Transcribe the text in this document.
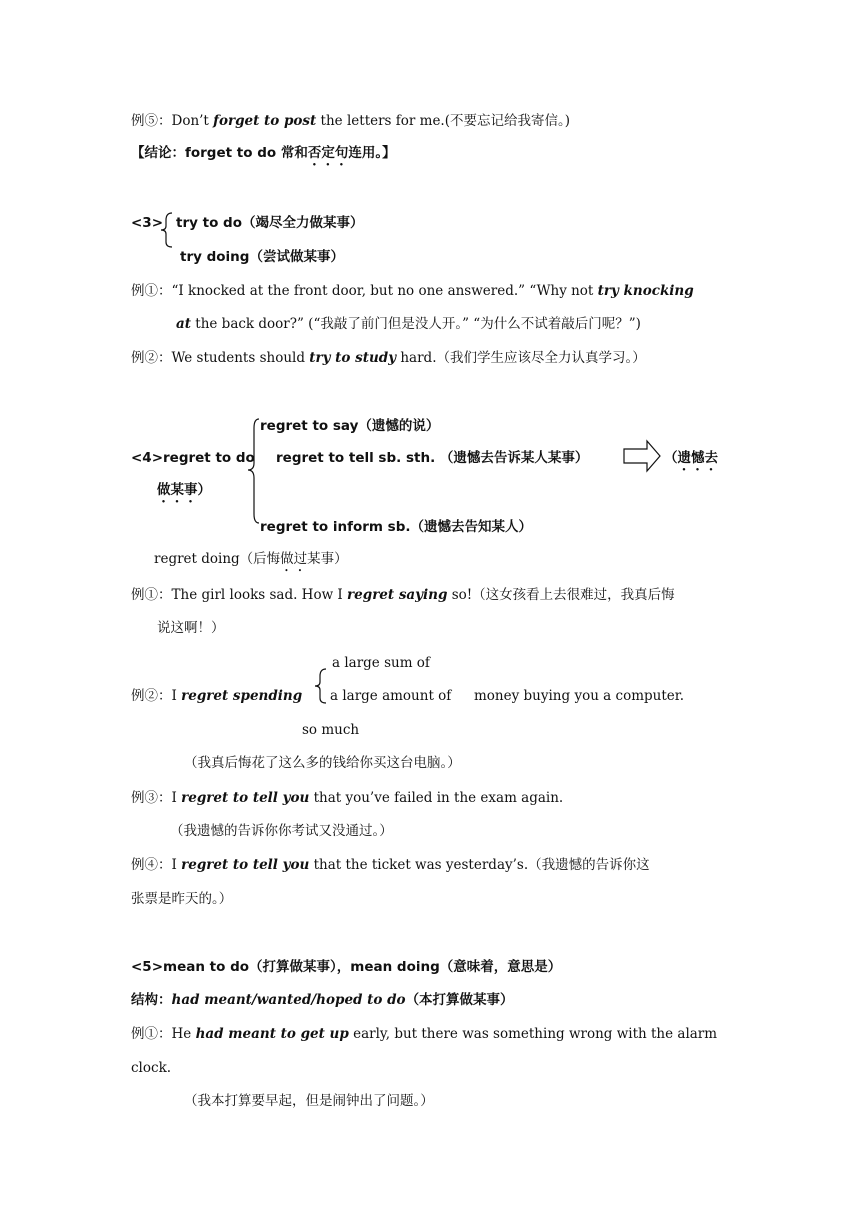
例⑤：Don’t forget to post the letters for me.(不要忘记给我寄信。)
【结论：forget to do 常和否定句连用。】
<3> try to do（竭尽全力做某事）
try doing（尝试做某事）
例①：“I knocked at the front door, but no one answered.” “Why not try knocking
at the back door?” (“我敲了前门但是没人开。” “为什么不试着敲后门呢？”)
例②：We students should try to study hard.（我们学生应该尽全力认真学习。）
regret to say（遗憾的说）
<4>regret to do regret to tell sb. sth. （遗憾去告诉某人某事）	（遗憾去
做某事）
regret to inform sb.（遗憾去告知某人）
regret doing（后悔做过某事）
例①：The girl looks sad. How I regret saying so!（这女孩看上去很难过，我真后悔
说这啊！）
a large sum of
例②：I regret spending a large amount of money buying you a computer.
so much
（我真后悔花了这么多的钱给你买这台电脑。）
例③：I regret to tell you that you’ve failed in the exam again.
（我遗憾的告诉你你考试又没通过。）
例④：I regret to tell you that the ticket was yesterday’s.（我遗憾的告诉你这
张票是昨天的。）
<5>mean to do（打算做某事），mean doing（意味着，意思是）
结构：had meant/wanted/hoped to do（本打算做某事）
例①：He had meant to get up early, but there was something wrong with the alarm
clock.
（我本打算要早起，但是闹钟出了问题。）
